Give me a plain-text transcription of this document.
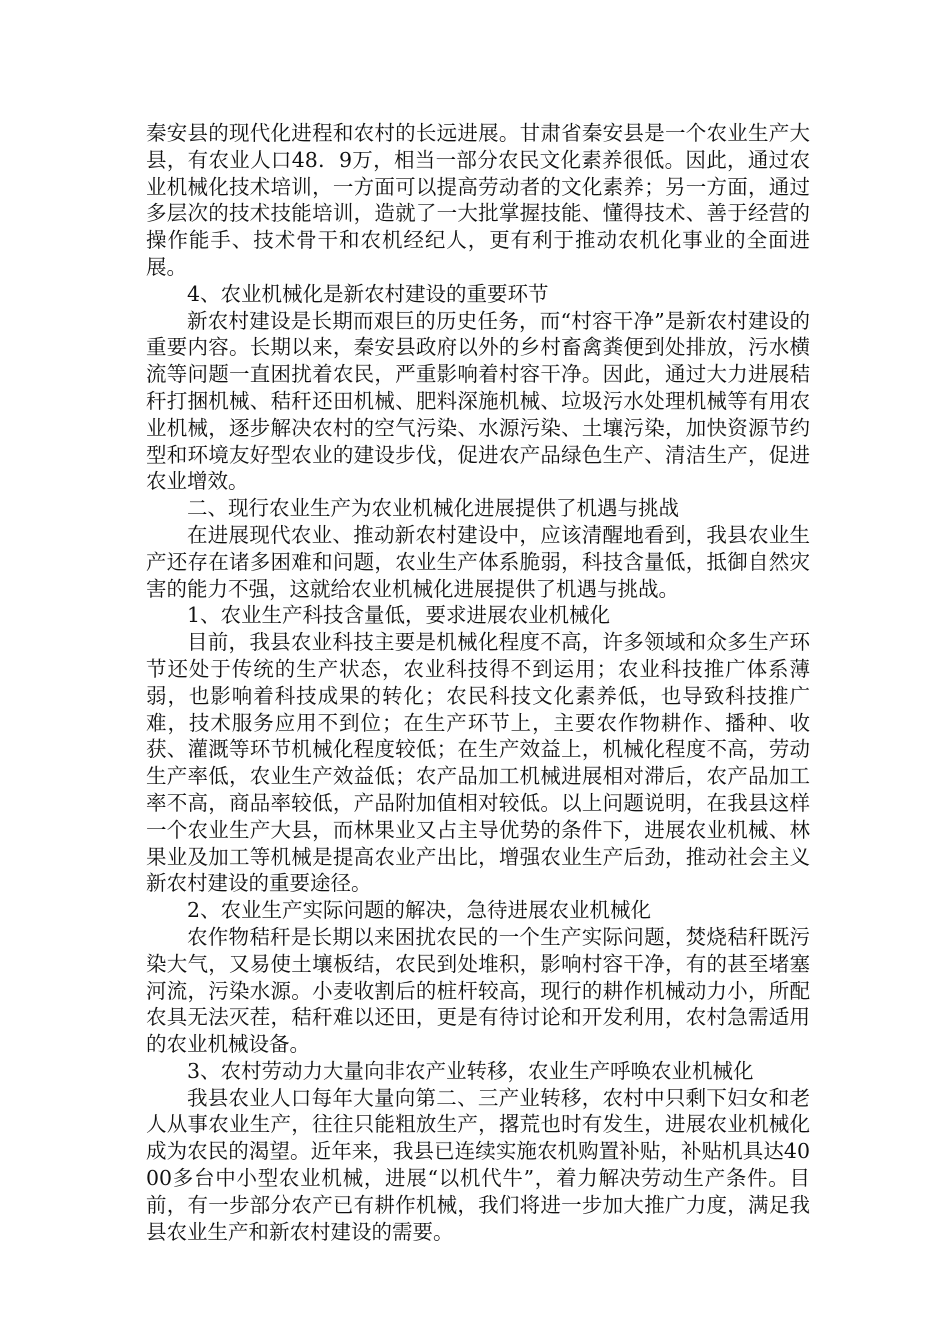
秦安县的现代化进程和农村的长远进展。甘肃省秦安县是一个农业生产大县，有农业人口48．9万，相当一部分农民文化素养很低。因此，通过农业机械化技术培训，一方面可以提高劳动者的文化素养；另一方面，通过多层次的技术技能培训，造就了一大批掌握技能、懂得技术、善于经营的操作能手、技术骨干和农机经纪人，更有利于推动农机化事业的全面进展。

4、农业机械化是新农村建设的重要环节

新农村建设是长期而艰巨的历史任务，而“村容干净”是新农村建设的重要内容。长期以来，秦安县政府以外的乡村畜禽粪便到处排放，污水横流等问题一直困扰着农民，严重影响着村容干净。因此，通过大力进展秸秆打捆机械、秸秆还田机械、肥料深施机械、垃圾污水处理机械等有用农业机械，逐步解决农村的空气污染、水源污染、土壤污染，加快资源节约型和环境友好型农业的建设步伐，促进农产品绿色生产、清洁生产，促进农业增效。

二、现行农业生产为农业机械化进展提供了机遇与挑战

在进展现代农业、推动新农村建设中，应该清醒地看到，我县农业生产还存在诸多困难和问题，农业生产体系脆弱，科技含量低，抵御自然灾害的能力不强，这就给农业机械化进展提供了机遇与挑战。

1、农业生产科技含量低，要求进展农业机械化

目前，我县农业科技主要是机械化程度不高，许多领域和众多生产环节还处于传统的生产状态，农业科技得不到运用；农业科技推广体系薄弱，也影响着科技成果的转化；农民科技文化素养低，也导致科技推广难，技术服务应用不到位；在生产环节上，主要农作物耕作、播种、收获、灌溉等环节机械化程度较低；在生产效益上，机械化程度不高，劳动生产率低，农业生产效益低；农产品加工机械进展相对滞后，农产品加工率不高，商品率较低，产品附加值相对较低。以上问题说明，在我县这样一个农业生产大县，而林果业又占主导优势的条件下，进展农业机械、林果业及加工等机械是提高农业产出比，增强农业生产后劲，推动社会主义新农村建设的重要途径。

2、农业生产实际问题的解决，急待进展农业机械化

农作物秸秆是长期以来困扰农民的一个生产实际问题，焚烧秸秆既污染大气，又易使土壤板结，农民到处堆积，影响村容干净，有的甚至堵塞河流，污染水源。小麦收割后的桩杆较高，现行的耕作机械动力小，所配农具无法灭茬，秸秆难以还田，更是有待讨论和开发利用，农村急需适用的农业机械设备。

3、农村劳动力大量向非农产业转移，农业生产呼唤农业机械化

我县农业人口每年大量向第二、三产业转移，农村中只剩下妇女和老人从事农业生产，往往只能粗放生产，撂荒也时有发生，进展农业机械化成为农民的渴望。近年来，我县已连续实施农机购置补贴，补贴机具达4000多台中小型农业机械，进展“以机代牛”，着力解决劳动生产条件。目前，有一步部分农产已有耕作机械，我们将进一步加大推广力度，满足我县农业生产和新农村建设的需要。
